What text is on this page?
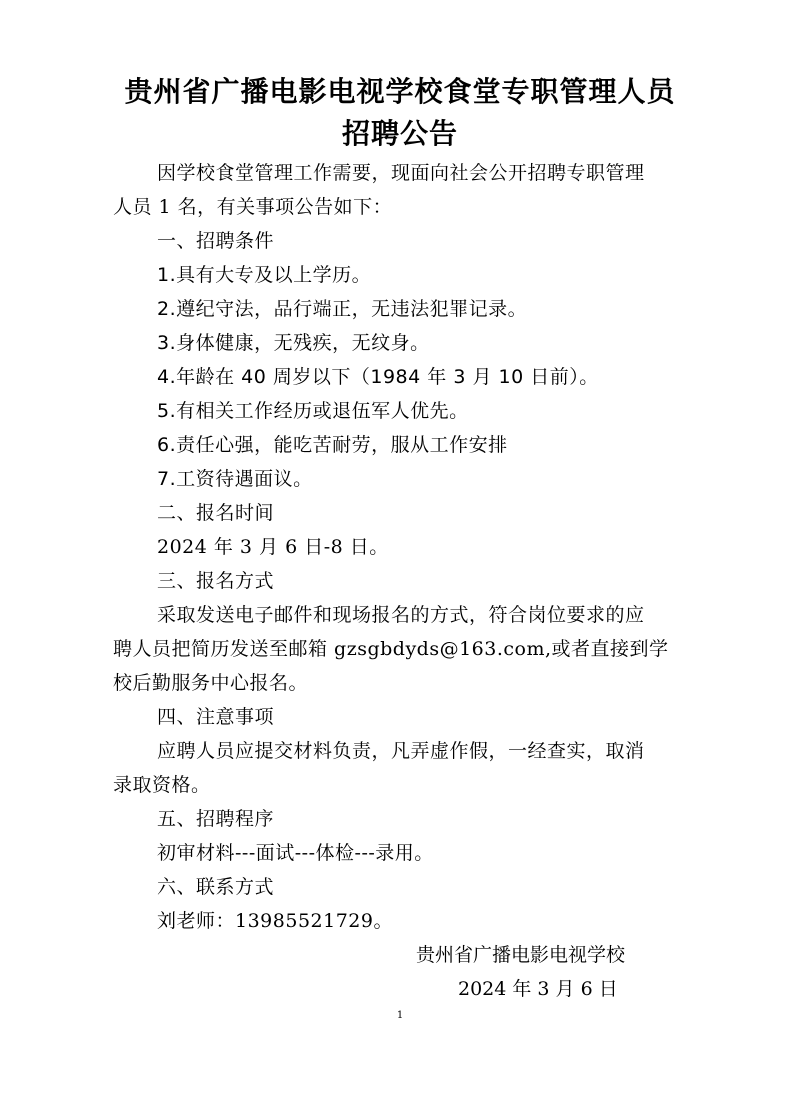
贵州省广播电影电视学校食堂专职管理人员
招聘公告
因学校食堂管理工作需要，现面向社会公开招聘专职管理
人员 1 名，有关事项公告如下：
一、招聘条件
1.具有大专及以上学历。
2.遵纪守法，品行端正，无违法犯罪记录。
3.身体健康，无残疾，无纹身。
4.年龄在 40 周岁以下（1984 年 3 月 10 日前）。
5.有相关工作经历或退伍军人优先。
6.责任心强，能吃苦耐劳，服从工作安排
7.工资待遇面议。
二、报名时间
2024 年 3 月 6 日-8 日。
三、报名方式
采取发送电子邮件和现场报名的方式，符合岗位要求的应
聘人员把简历发送至邮箱 gzsgbdyds@163.com,或者直接到学
校后勤服务中心报名。
四、注意事项
应聘人员应提交材料负责，凡弄虚作假，一经查实，取消
录取资格。
五、招聘程序
初审材料---面试---体检---录用。
六、联系方式
刘老师：13985521729。
贵州省广播电影电视学校
2024 年 3 月 6 日
1
